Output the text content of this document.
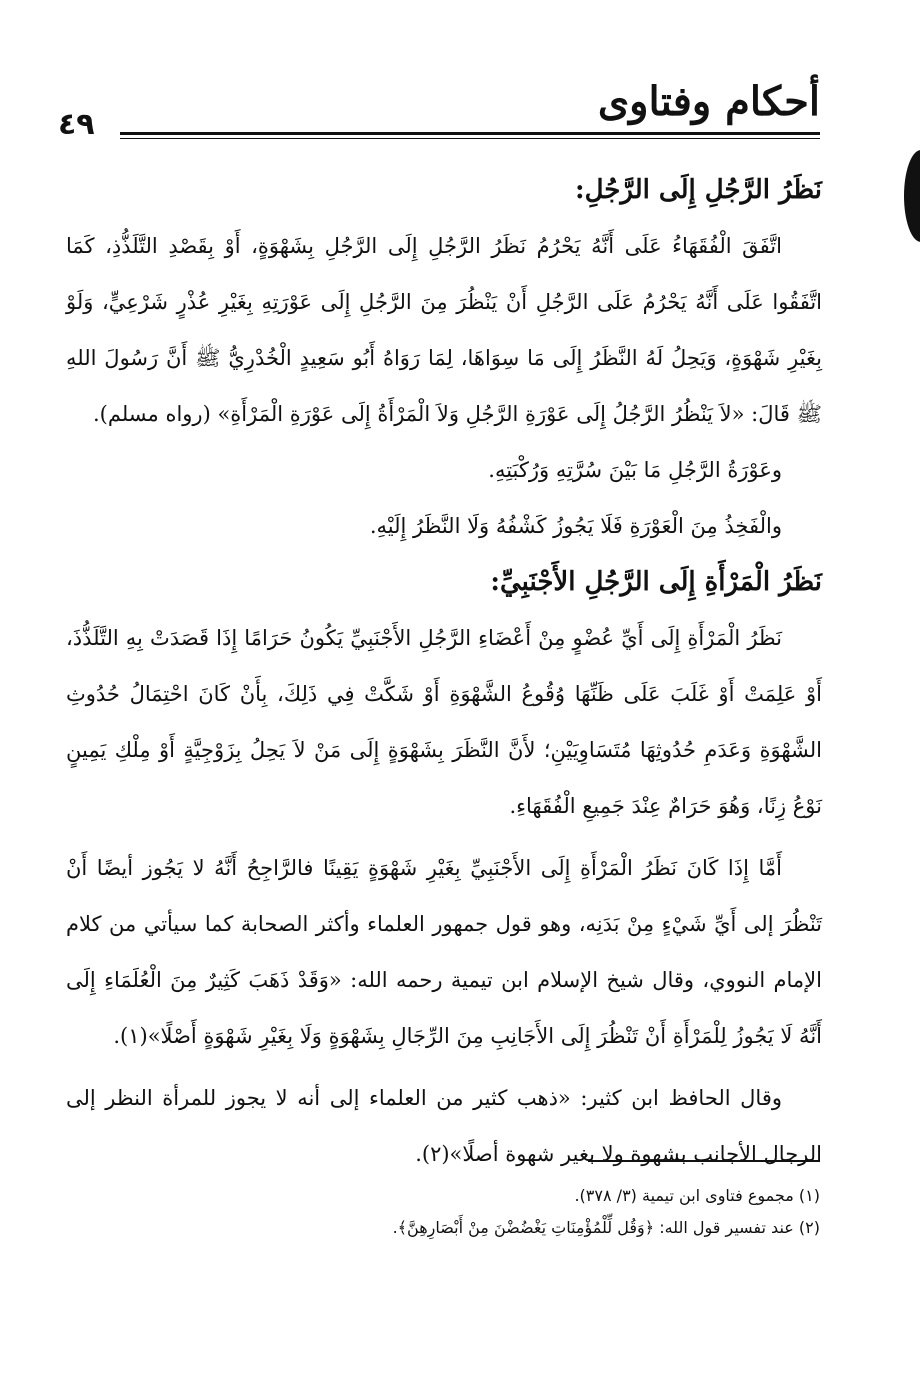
أحكام وفتاوى
٤٩
نَظَرُ الرَّجُلِ إِلَى الرَّجُلِ:

اتَّفَقَ الْفُقَهَاءُ عَلَى أَنَّهُ يَحْرُمُ نَظَرُ الرَّجُلِ إِلَى الرَّجُلِ بِشَهْوَةٍ، أَوْ بِقَصْدِ التَّلَذُّذِ، كَمَا اتَّفَقُوا عَلَى أَنَّهُ يَحْرُمُ عَلَى الرَّجُلِ أَنْ يَنْظُرَ مِنَ الرَّجُلِ إِلَى عَوْرَتِهِ بِغَيْرِ عُذْرٍ شَرْعِيٍّ، وَلَوْ بِغَيْرِ شَهْوَةٍ، وَيَحِلُ لَهُ النَّظَرُ إِلَى مَا سِوَاهَا، لِمَا رَوَاهُ أَبُو سَعِيدٍ الْخُدْرِيُّ ﷺ أَنَّ رَسُولَ اللهِ ﷺ قَالَ: «لاَ يَنْظُرُ الرَّجُلُ إِلَى عَوْرَةِ الرَّجُلِ وَلاَ الْمَرْأَةُ إِلَى عَوْرَةِ الْمَرْأَةِ» (رواه مسلم).

وعَوْرَةُ الرَّجُلِ مَا بَيْنَ سُرَّتِهِ وَرُكْبَتِهِ.

والْفَخِذُ مِنَ الْعَوْرَةِ فَلَا يَجُوزُ كَشْفُهُ وَلَا النَّظَرُ إِلَيْهِ.

نَظَرُ الْمَرْأَةِ إِلَى الرَّجُلِ الأَجْنَبِيِّ:

نَظَرُ الْمَرْأَةِ إِلَى أَيِّ عُضْوٍ مِنْ أَعْضَاءِ الرَّجُلِ الأَجْنَبِيِّ يَكُونُ حَرَامًا إِذَا قَصَدَتْ بِهِ التَّلَذُّذَ، أَوْ عَلِمَتْ أَوْ غَلَبَ عَلَى ظَنِّهَا وُقُوعُ الشَّهْوَةِ أَوْ شَكَّتْ فِي ذَلِكَ، بِأَنْ كَانَ احْتِمَالُ حُدُوثِ الشَّهْوَةِ وَعَدَمِ حُدُوثِهَا مُتَسَاوِيَيْنِ؛ لأَنَّ النَّظَرَ بِشَهْوَةٍ إِلَى مَنْ لاَ يَحِلُ بِزَوْجِيَّةٍ أَوْ مِلْكِ يَمِينٍ نَوْعُ زِنًا، وَهُوَ حَرَامٌ عِنْدَ جَمِيعِ الْفُقَهَاءِ.

أَمَّا إِذَا كَانَ نَظَرُ الْمَرْأَةِ إِلَى الأَجْنَبِيِّ بِغَيْرِ شَهْوَةٍ يَقِينًا فالرَّاجِحُ أَنَّهُ لا يَجُوز أيضًا أَنْ تَنْظُرَ إلى أَيِّ شَيْءٍ مِنْ بَدَنِه، وهو قول جمهور العلماء وأكثر الصحابة كما سيأتي من كلام الإمام النووي، وقال شيخ الإسلام ابن تيمية رحمه الله: «وَقَدْ ذَهَبَ كَثِيرٌ مِنَ الْعُلَمَاءِ إِلَى أَنَّهُ لَا يَجُوزُ لِلْمَرْأَةِ أَنْ تَنْظُرَ إِلَى الأَجَانِبِ مِنَ الرِّجَالِ بِشَهْوَةٍ وَلَا بِغَيْرِ شَهْوَةٍ أَصْلًا»(١).

وقال الحافظ ابن كثير: «ذهب كثير من العلماء إلى أنه لا يجوز للمرأة النظر إلى الرجال الأجانب بشهوة ولا بغير شهوة أصلًا»(٢).

(١) مجموع فتاوى ابن تيمية (٣/ ٣٧٨).

(٢) عند تفسير قول الله: ﴿وَقُل لِّلْمُؤْمِنَاتِ يَغْضُضْنَ مِنْ أَبْصَارِهِنَّ﴾.
